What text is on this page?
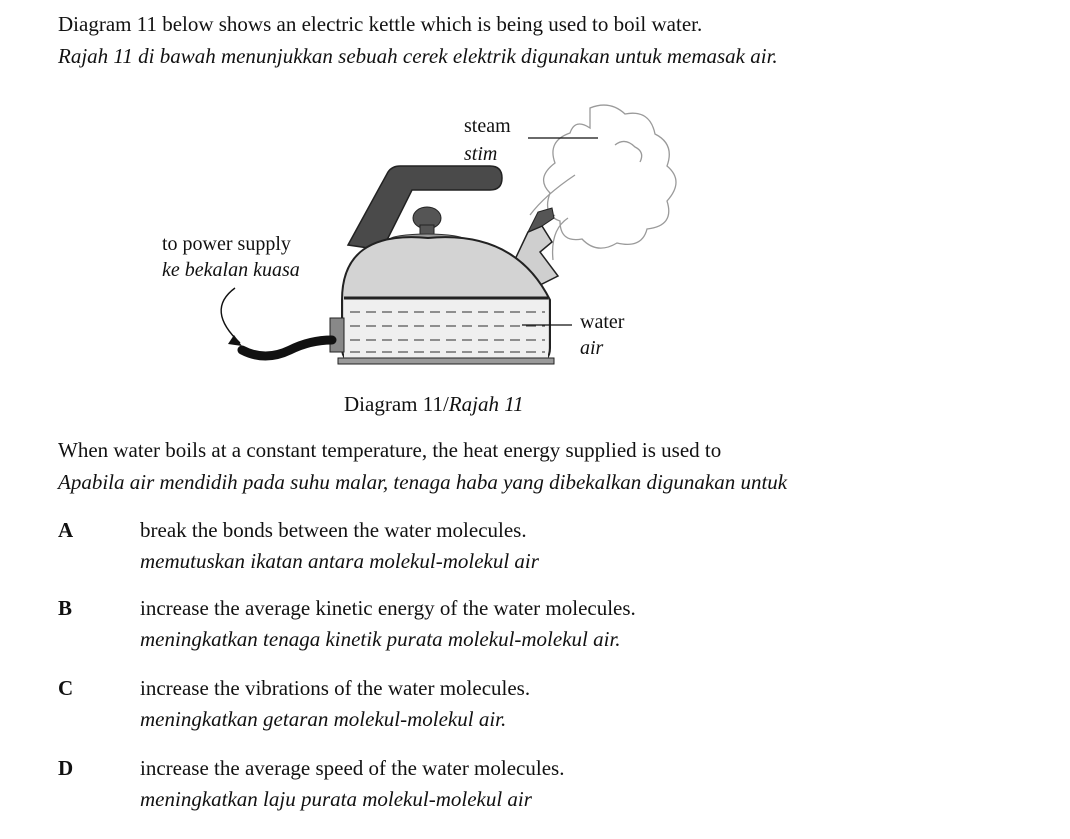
Diagram 11 below shows an electric kettle which is being used to boil water.
Rajah 11 di bawah menunjukkan sebuah cerek elektrik digunakan untuk memasak air.
steam
stim
to power supply
ke bekalan kuasa
water
air
Diagram 11/Rajah 11
When water boils at a constant temperature, the heat energy supplied is used to
Apabila air mendidih pada suhu malar, tenaga haba yang dibekalkan digunakan untuk
A	break the bonds between the water molecules.
memutuskan ikatan antara molekul-molekul air
B	increase the average kinetic energy of the water molecules.
meningkatkan tenaga kinetik purata molekul-molekul air.
C	increase the vibrations of the water molecules.
meningkatkan getaran molekul-molekul air.
D	increase the average speed of the water molecules.
meningkatkan laju purata molekul-molekul air
